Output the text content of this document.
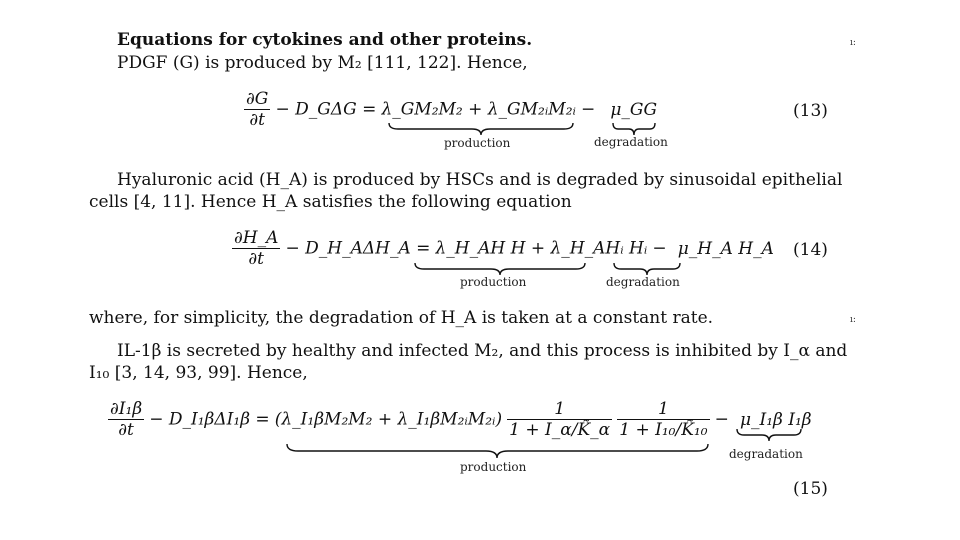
Equations for cytokines and other proteins.	ı:
PDGF (G) is produced by M₂ [111, 122]. Hence,
$\frac{\partial G}{\partial t}$ − D_GΔG = λ_GM₂M₂ + λ_GM₂ᵢM₂ᵢ − μ_GG
production	degradation
(13)
Hyaluronic acid (H_A) is produced by HSCs and is degraded by sinusoidal epithelial
cells [4, 11]. Hence H_A satisfies the following equation
$\frac{\partial H\_A}{\partial t}$ − D_H_AΔH_A = λ_H_AH H + λ_H_AHᵢ Hᵢ − μ_H_A H_A
production	degradation
(14)
where, for simplicity, the degradation of H_A is taken at a constant rate.	ı:
IL-1β is secreted by healthy and infected M₂, and this process is inhibited by I_α and
I₁₀ [3, 14, 93, 99]. Hence,
$\frac{\text{∂I₁β}}{\partial t}$ − D_I₁βΔI₁β = (λ_I₁βM₂M₂ + λ_I₁βM₂ᵢM₂ᵢ) $\frac{1}{1 + I\_\alpha/K̃\_\alpha}$
$\frac{1}{\text{1 + I₁₀/K̃₁₀}}$ − μ_I₁β I₁β
production
degradation
(15)
